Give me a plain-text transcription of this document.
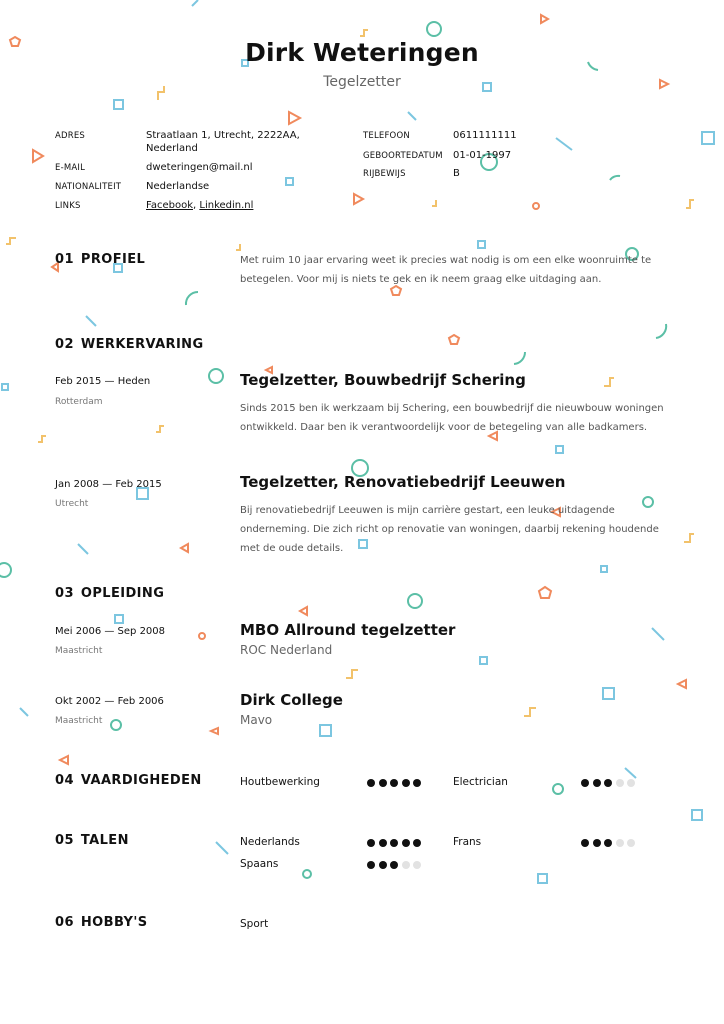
Dirk Weteringen
Tegelzetter
ADRES	Straatlaan 1, Utrecht, 2222AA,
Nederland
E-MAIL	dweteringen@mail.nl
NATIONALITEIT Nederlandse
LINKS	Facebook, Linkedin.nl
TELEFOON	0611111111
GEBOORTEDATUM 01-01-1997
RIJBEWIJS	B
01 PROFIEL	Met ruim 10 jaar ervaring weet ik precies wat nodig is om een elke woonruimte te betegelen. Voor mij is niets te gek en ik neem graag elke uitdaging aan.
02 WERKERVARING
Feb 2015 — Heden
Rotterdam
Tegelzetter, Bouwbedrijf Schering
Sinds 2015 ben ik werkzaam bij Schering, een bouwbedrijf die nieuwbouw woningen ontwikkeld. Daar ben ik verantwoordelijk voor de betegeling van alle badkamers.
Jan 2008 — Feb 2015
Utrecht
Tegelzetter, Renovatiebedrijf Leeuwen
Bij renovatiebedrijf Leeuwen is mijn carrière gestart, een leuke uitdagende onderneming. Die zich richt op renovatie van woningen, daarbij rekening houdende met de oude details.
03 OPLEIDING
Mei 2006 — Sep 2008
Maastricht
MBO Allround tegelzetter
ROC Nederland
Okt 2002 — Feb 2006
Maastricht
Dirk College
Mavo
04 VAARDIGHEDEN	Houtbewerking	Electrician
05 TALEN	Nederlands	Frans
Spaans
06 HOBBY'S	Sport
